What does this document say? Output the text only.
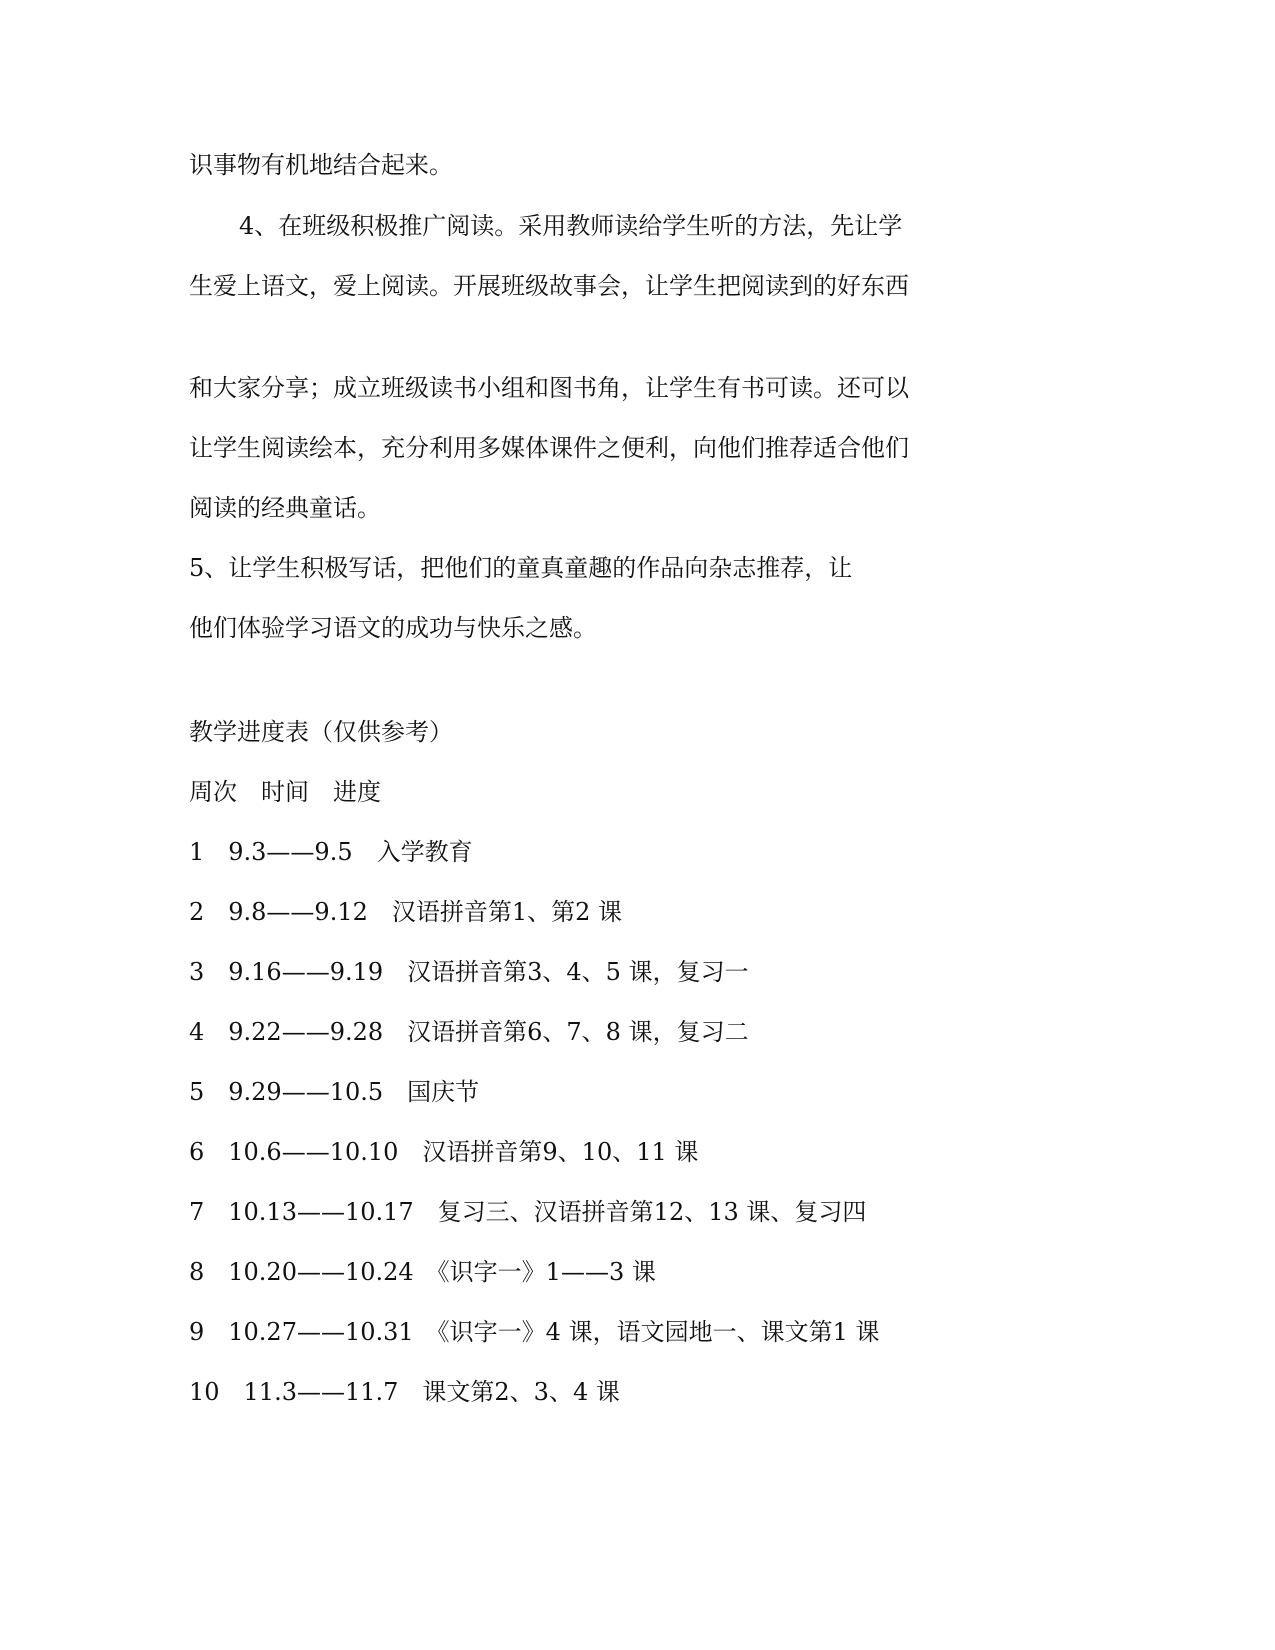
识事物有机地结合起来。
4、在班级积极推广阅读。采用教师读给学生听的方法，先让学
生爱上语文，爱上阅读。开展班级故事会，让学生把阅读到的好东西
和大家分享；成立班级读书小组和图书角，让学生有书可读。还可以
让学生阅读绘本，充分利用多媒体课件之便利，向他们推荐适合他们
阅读的经典童话。
5、让学生积极写话，把他们的童真童趣的作品向杂志推荐，让
他们体验学习语文的成功与快乐之感。
教学进度表（仅供参考）
周次　时间　进度
1　9.3——9.5　入学教育
2　9.8——9.12　汉语拼音第1、第2 课
3　9.16——9.19　汉语拼音第3、4、5 课，复习一
4　9.22——9.28　汉语拼音第6、7、8 课，复习二
5　9.29——10.5　国庆节
6　10.6——10.10　汉语拼音第9、10、11 课
7　10.13——10.17　复习三、汉语拼音第12、13 课、复习四
8　10.20——10.24　《识字一》1——3 课
9　10.27——10.31　《识字一》4 课，语文园地一、课文第1 课
10　11.3——11.7　课文第2、3、4 课
